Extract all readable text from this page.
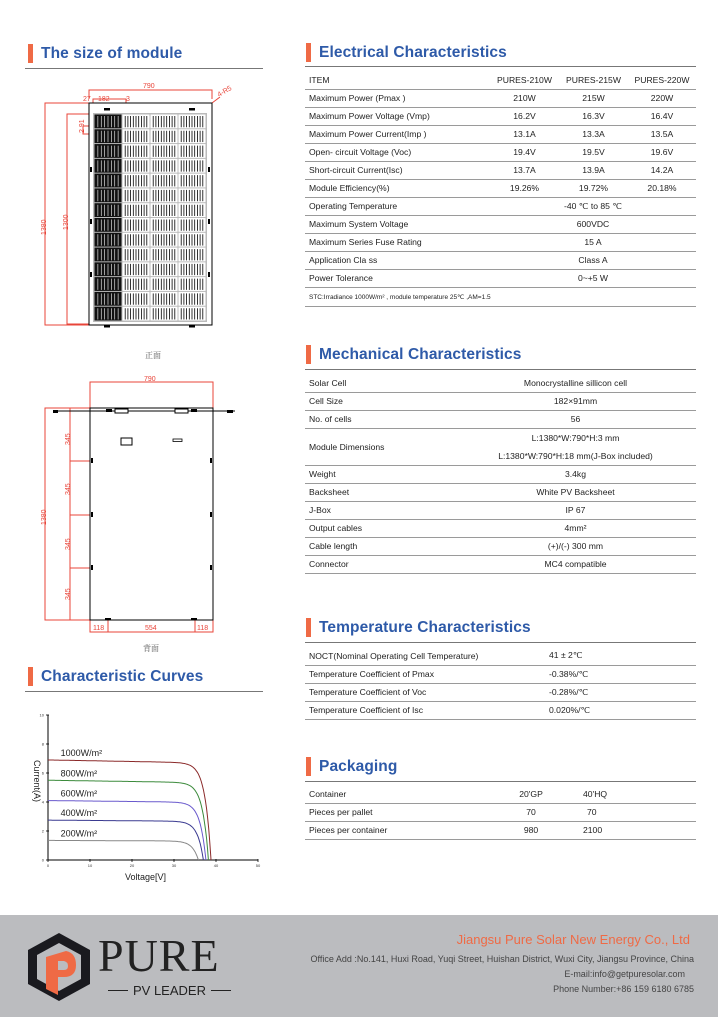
The size of module
790
27 182 3
4-R5
2 91
1380 1300
正面
790
345
345
345
345
1380
118	554	118
背面
Characteristic Curves
0
2
4
6
8
10
0	10	20	30	40	50
1000W/m²
800W/m²
600W/m²
400W/m²
200W/m²
Current(A)
Voltage[V]
Electrical Characteristics
ITEM	PURES-210W	PURES-215W	PURES-220W
Maximum Power (Pmax )	210W	215W	220W
Maximum Power Voltage (Vmp)	16.2V	16.3V	16.4V
Maximum Power Current(Imp )	13.1A	13.3A	13.5A
Open- circuit Voltage (Voc)	19.4V	19.5V	19.6V
Short-circuit Current(Isc)	13.7A	13.9A	14.2A
Module Efficiency(%)	19.26%	19.72%	20.18%
Operating Temperature	-40 ℃ to 85 ℃		
Maximum System Voltage	600VDC		
Maximum Series Fuse Rating	15 A		
Application Cla ss	Class A		
Power Tolerance	0~+5 W		
STC:Irradiance 1000W/m² , module temperature 25℃ ,AM=1.5			
Mechanical Characteristics
Solar Cell	Monocrystalline sillicon cell
Cell Size	182×91mm
No. of cells	56
Module Dimensions	L:1380*W:790*H:3 mm
L:1380*W:790*H:18 mm(J-Box included)

Weight	3.4kg
Backsheet	White PV Backsheet
J-Box	IP 67
Output cables	4mm²
Cable length	(+)/(-) 300 mm
Connector	MC4 compatible
Temperature Characteristics
NOCT(Nominal Operating Cell Temperature)	41 ± 2℃
Temperature Coefficient of Pmax	-0.38%/℃
Temperature Coefficient of Voc	-0.28%/℃
Temperature Coefficient of Isc	0.020%/℃
Packaging
Container	20'GP	40'HQ	
Pieces per pallet	70	70	
Pieces per container	980	2100	
PURE
PV LEADER
Jiangsu Pure Solar New Energy Co., Ltd
Office Add :No.141, Huxi Road, Yuqi Street, Huishan District, Wuxi City, Jiangsu Province, China
E-mail:info@getpuresolar.com
Phone Number:+86 159 6180 6785
